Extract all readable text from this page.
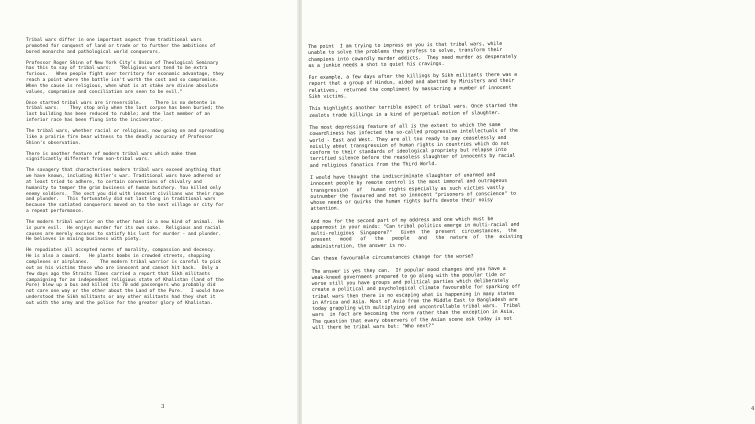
Tribal wars differ in one important aspect from traditional wars
promoted for conquest of land or trade or to further the ambitions of
bored monarchs and pathological world conquerors.

Professor Roger Shinn of New York City's Union of Theological Seminary
has this to say of tribal wars:   "Religious wars tend to be extra
furious.   When people fight over territory for economic advantage, they
reach a point where the battle isn't worth the cost and so compromise.
When the cause is religious, when what is at stake are divine absolute
values, compromise and conciliation are seen to be evil."

Once started tribal wars are irreversible.     There is no detente in
tribal wars.    They stop only when the last corpse has been buried; the
last building has been reduced to rubble; and the last member of an
inferior race has been flung into the incinerator.

The tribal wars, whether racial or religious, now going on and spreading
like a prairie fire bear witness to the deadly accuracy of Professor
Shinn's observation.

There is another feature of modern tribal wars which make them
significantly different from non-tribal wars.

The savagery that characterises modern tribal wars exceed anything that
we have known, including Hitler's war. Traditional wars have adhered or
at least tried to adhere, to certain conventions of chivalry and
humanity to temper the grim business of human butchery. You killed only
enemy soldiers.  The sect you did with innocent civilians was their rape
and plunder.   This fortunately did not last long in traditional wars
because the satiated conquerors moved on to the next village or city for
a repeat performance.

The modern tribal warrior on the other hand is a new kind of animal.  He
is pure evil.  He enjoys murder for its own sake.  Religious and racial
causes are merely excuses to satisfy his lust for murder - and plunder.
He believes in mixing business with piety.

He repudiates all accepted norms of morality, compassion and decency.
He is also a coward.   He plants bombs in crowded streets, shopping
complexes or airplanes.    The modern tribal warrior is careful to pick
out as his victims those who are innocent and cannot hit back.  Only a
few days ago the Straits Times carried a report that Sikh militants
campaigning for an independent religious state of Khalistan (land of the
Pure) blew up a bus and killed its 70 odd passengers who probably did
not care one way or the other about the Land of the Pure.   I would have
understood the Sikh militants or any other militants had they shot it
out with the army and the police for the greater glory of Khalistan.

3

The point  I am trying to impress on you is that tribal wars, while
unable to solve the problems they profess to solve, transform their
champions into cowardly murder addicts.  They need murder as desperately
as a junkie needs a shot to quiet his cravings.

For example, a few days after the killings by Sikh militants there was a
report that a group of Hindus, aided and abetted by Ministers and their
relatives,  returned the compliment by massacring a number of innocent
Sikh victims.

This highlights another terrible aspect of tribal wars. Once started the
zealots trade killings in a kind of perpetual motion of slaughter.

The most depressing feature of all is the extent to which the same
cowardliness has infected the so-called progressive intellectuals of the
world - East and West. They are all too ready to pay ceaselessly and
noisily about transgression of human rights in countries which do not
conform to their standards of ideological propriety but relapse into
terrified silence before the reasoless slaughter of innocents by racial
and religious fanatics from the Third World.

I would have thought the indiscriminate slaughter of unarmed and
innocent people by remote control is the most immoral and outrageous
transgression   of   human rights especially as such victims vastly
outnumber the favoured and not so innocent "prisoners of conscience" to
whose needs or quirks the human rights buffs devote their noisy
attention.

And now for the second part of my address and one which must be
uppermost in your minds: "Can tribal politics emerge in multi-racial and
multi-religious  Singapore?"   Given  the  present  circumstances,  the
present   mood   of   the   people   and   the  nature  of  the  existing
administration, the answer is no.

Can these favourable circumstances change for the worse?

The answer is yes they can.  If popular mood changes and you have a
weak-kneed government prepared to go along with the popular tide or
worse still you have groups and political parties which deliberately
create a political and psychological climate favourable for sparking off
tribal wars then there is no escaping what is happening in many states
in Africa and Asia. Most of Asia from the Middle East to Bangladesh are
today grappling with multiplying and uncontrollable tribal wars.  Tribal
wars  in fact are becoming the norm rather than the exception in Asia.
The question that every observers of the Asian scene ask today is not
will there be tribal wars but: "Who next?"

4
